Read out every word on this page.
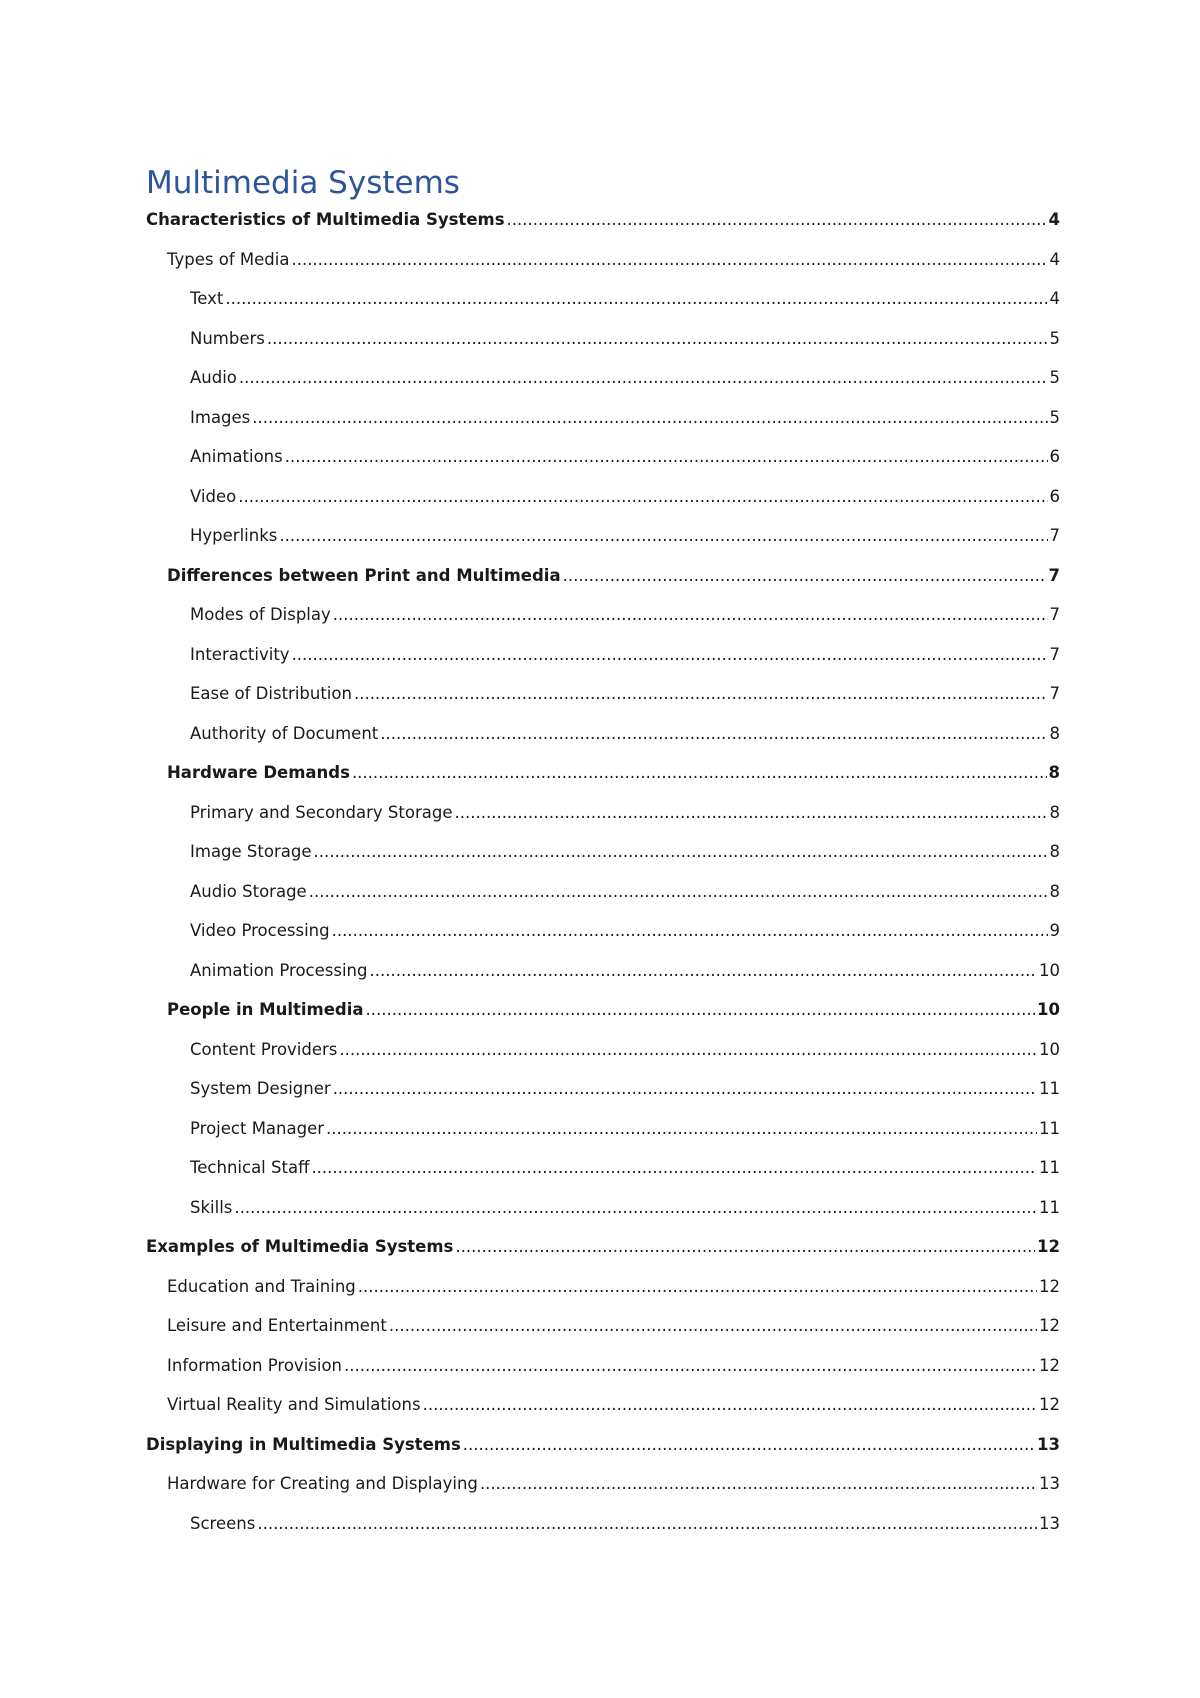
Multimedia Systems
Characteristics of Multimedia Systems .....	4
Types of Media .....	4
Text .....	4
Numbers .....	5
Audio .....	5
Images .....	5
Animations .....	6
Video .....	6
Hyperlinks .....	7
Differences between Print and Multimedia .....	7
Modes of Display .....	7
Interactivity .....	7
Ease of Distribution .....	7
Authority of Document .....	8
Hardware Demands .....	8
Primary and Secondary Storage .....	8
Image Storage .....	8
Audio Storage .....	8
Video Processing .....	9
Animation Processing .....	10
People in Multimedia .....	10
Content Providers .....	10
System Designer .....	11
Project Manager .....	11
Technical Staff .....	11
Skills .....	11
Examples of Multimedia Systems .....	12
Education and Training .....	12
Leisure and Entertainment .....	12
Information Provision .....	12
Virtual Reality and Simulations .....	12
Displaying in Multimedia Systems .....	13
Hardware for Creating and Displaying .....	13
Screens .....	13
